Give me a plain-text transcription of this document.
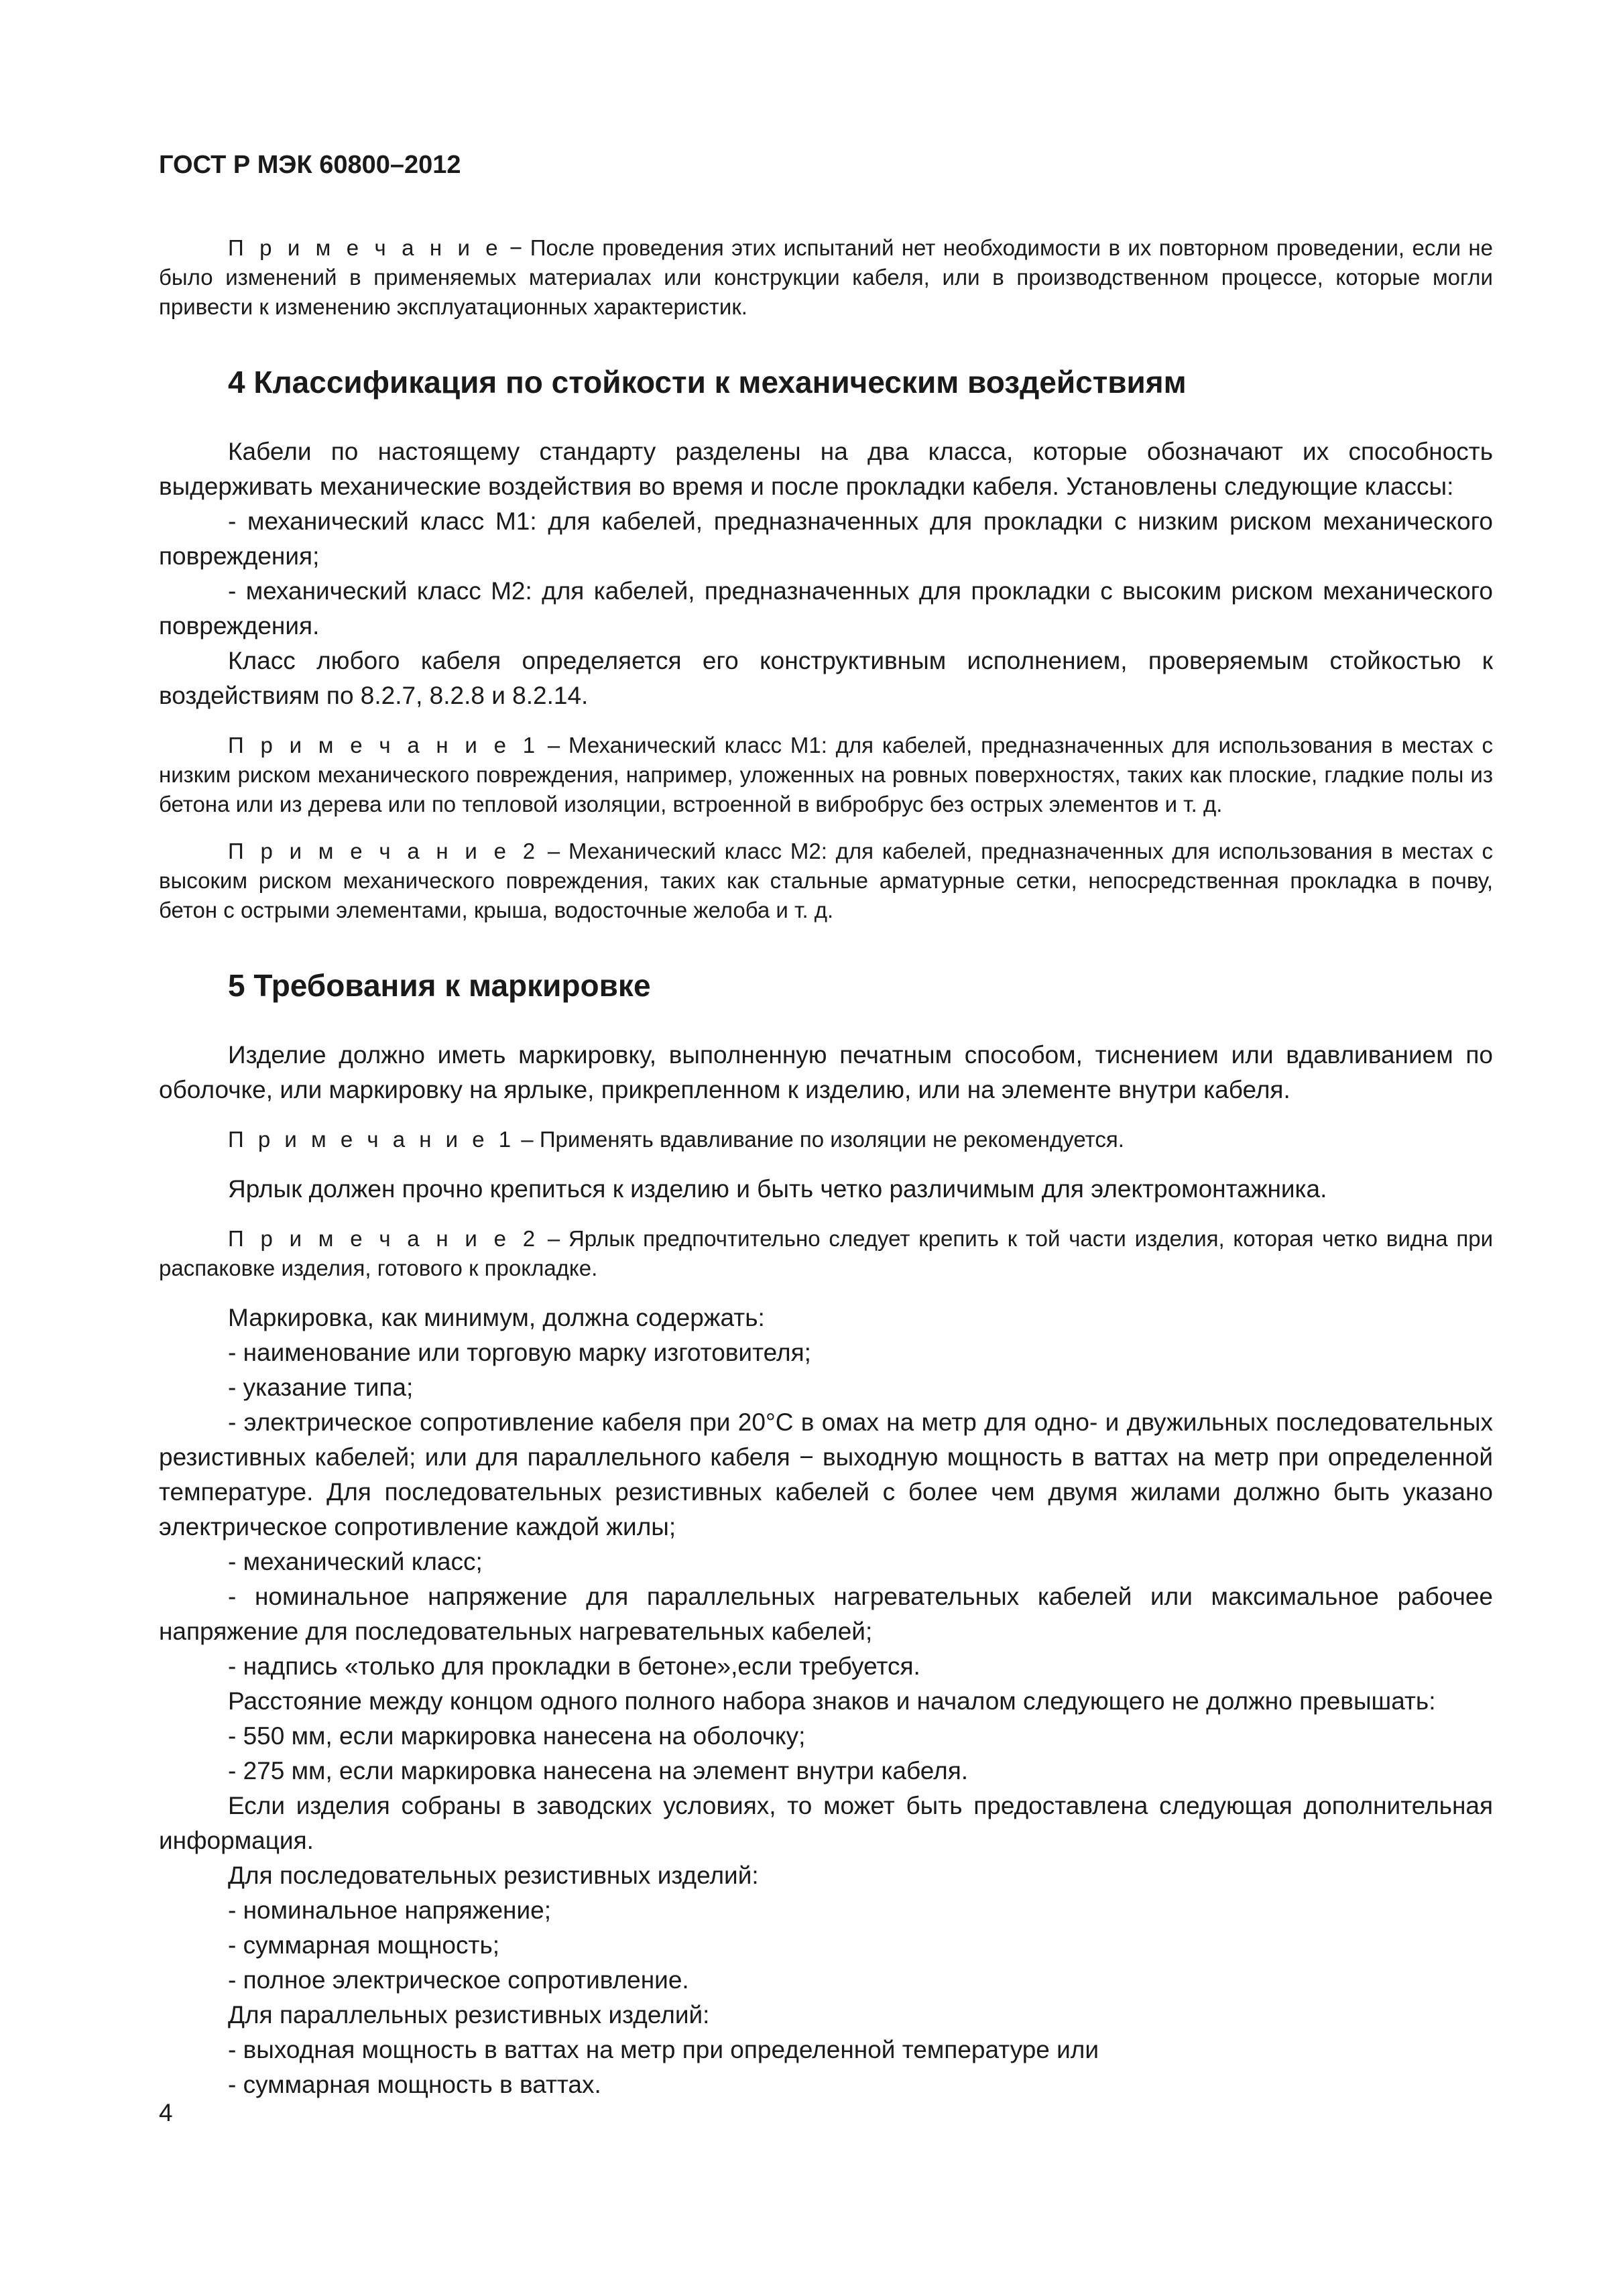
ГОСТ Р МЭК 60800–2012

П р и м е ч а н и е − После проведения этих испытаний нет необходимости в их повторном проведении, если не было изменений в применяемых материалах или конструкции кабеля, или в производственном процессе, которые могли привести к изменению эксплуатационных характеристик.

4 Классификация по стойкости к механическим воздействиям

Кабели по настоящему стандарту разделены на два класса, которые обозначают их способность выдерживать механические воздействия во время и после прокладки кабеля. Установлены следующие классы:

- механический класс М1: для кабелей, предназначенных для прокладки с низким риском механического повреждения;

- механический класс М2: для кабелей, предназначенных для прокладки с высоким риском механического повреждения.

Класс любого кабеля определяется его конструктивным исполнением, проверяемым стойкостью к воздействиям по 8.2.7, 8.2.8 и 8.2.14.

П р и м е ч а н и е 1 – Механический класс М1: для кабелей, предназначенных для использования в местах с низким риском механического повреждения, например, уложенных на ровных поверхностях, таких как плоские, гладкие полы из бетона или из дерева или по тепловой изоляции, встроенной в вибробрус без острых элементов и т. д.

П р и м е ч а н и е 2 – Механический класс М2: для кабелей, предназначенных для использования в местах с высоким риском механического повреждения, таких как стальные арматурные сетки, непосредственная прокладка в почву, бетон с острыми элементами, крыша, водосточные желоба и т. д.

5 Требования к маркировке

Изделие должно иметь маркировку, выполненную печатным способом, тиснением или вдавливанием по оболочке, или маркировку на ярлыке, прикрепленном к изделию, или на элементе внутри кабеля.

П р и м е ч а н и е 1 – Применять вдавливание по изоляции не рекомендуется.

Ярлык должен прочно крепиться к изделию и быть четко различимым для электромонтажника.

П р и м е ч а н и е 2 – Ярлык предпочтительно следует крепить к той части изделия, которая четко видна при распаковке изделия, готового к прокладке.

Маркировка, как минимум, должна содержать:

- наименование или торговую марку изготовителя;

- указание типа;

- электрическое сопротивление кабеля при 20°С в омах на метр для одно- и двужильных последовательных резистивных кабелей; или для параллельного кабеля − выходную мощность в ваттах на метр при определенной температуре. Для последовательных резистивных кабелей с более чем двумя жилами должно быть указано электрическое сопротивление каждой жилы;

- механический класс;

- номинальное напряжение для параллельных нагревательных кабелей или максимальное рабочее напряжение для последовательных нагревательных кабелей;

- надпись «только для прокладки в бетоне»,если требуется.

Расстояние между концом одного полного набора знаков и началом следующего не должно превышать:

- 550 мм, если маркировка нанесена на оболочку;

- 275 мм, если маркировка нанесена на элемент внутри кабеля.

Если изделия собраны в заводских условиях, то может быть предоставлена следующая дополнительная информация.

Для последовательных резистивных изделий:

- номинальное напряжение;

- суммарная мощность;

- полное электрическое сопротивление.

Для параллельных резистивных изделий:

- выходная мощность в ваттах на метр при определенной температуре или

- суммарная мощность в ваттах.

4
